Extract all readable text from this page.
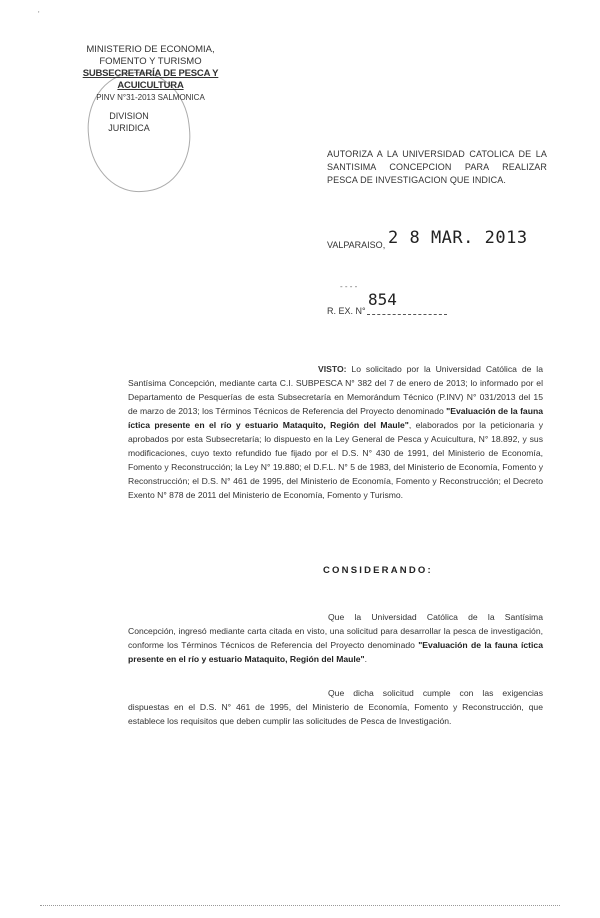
'
MINISTERIO DE ECONOMIA,
FOMENTO Y TURISMO
SUBSECRETARÍA DE PESCA Y ACUICULTURA
PINV N°31-2013 SALMONICA
DIVISION
JURIDICA
AUTORIZA A LA UNIVERSIDAD CATOLICA DE LA SANTISIMA CONCEPCION PARA REALIZAR PESCA DE INVESTIGACION QUE INDICA.
VALPARAISO, 2 8 MAR. 2013
- - - -
854
R. EX. N°
VISTO: Lo solicitado por la Universidad Católica de la Santísima Concepción, mediante carta C.I. SUBPESCA N° 382 del 7 de enero de 2013; lo informado por el Departamento de Pesquerías de esta Subsecretaría en Memorándum Técnico (P.INV) N° 031/2013 del 15 de marzo de 2013; los Términos Técnicos de Referencia del Proyecto denominado "Evaluación de la fauna íctica presente en el río y estuario Mataquito, Región del Maule", elaborados por la peticionaria y aprobados por esta Subsecretaría; lo dispuesto en la Ley General de Pesca y Acuicultura, N° 18.892, y sus modificaciones, cuyo texto refundido fue fijado por el D.S. N° 430 de 1991, del Ministerio de Economía, Fomento y Reconstrucción; la Ley N° 19.880; el D.F.L. N° 5 de 1983, del Ministerio de Economía, Fomento y Reconstrucción; el D.S. N° 461 de 1995, del Ministerio de Economía, Fomento y Reconstrucción; el Decreto Exento N° 878 de 2011 del Ministerio de Economía, Fomento y Turismo.
CONSIDERANDO:
Que la Universidad Católica de la Santísima Concepción, ingresó mediante carta citada en visto, una solicitud para desarrollar la pesca de investigación, conforme los Términos Técnicos de Referencia del Proyecto denominado "Evaluación de la fauna íctica presente en el río y estuario Mataquito, Región del Maule".
Que dicha solicitud cumple con las exigencias dispuestas en el D.S. N° 461 de 1995, del Ministerio de Economía, Fomento y Reconstrucción, que establece los requisitos que deben cumplir las solicitudes de Pesca de Investigación.
